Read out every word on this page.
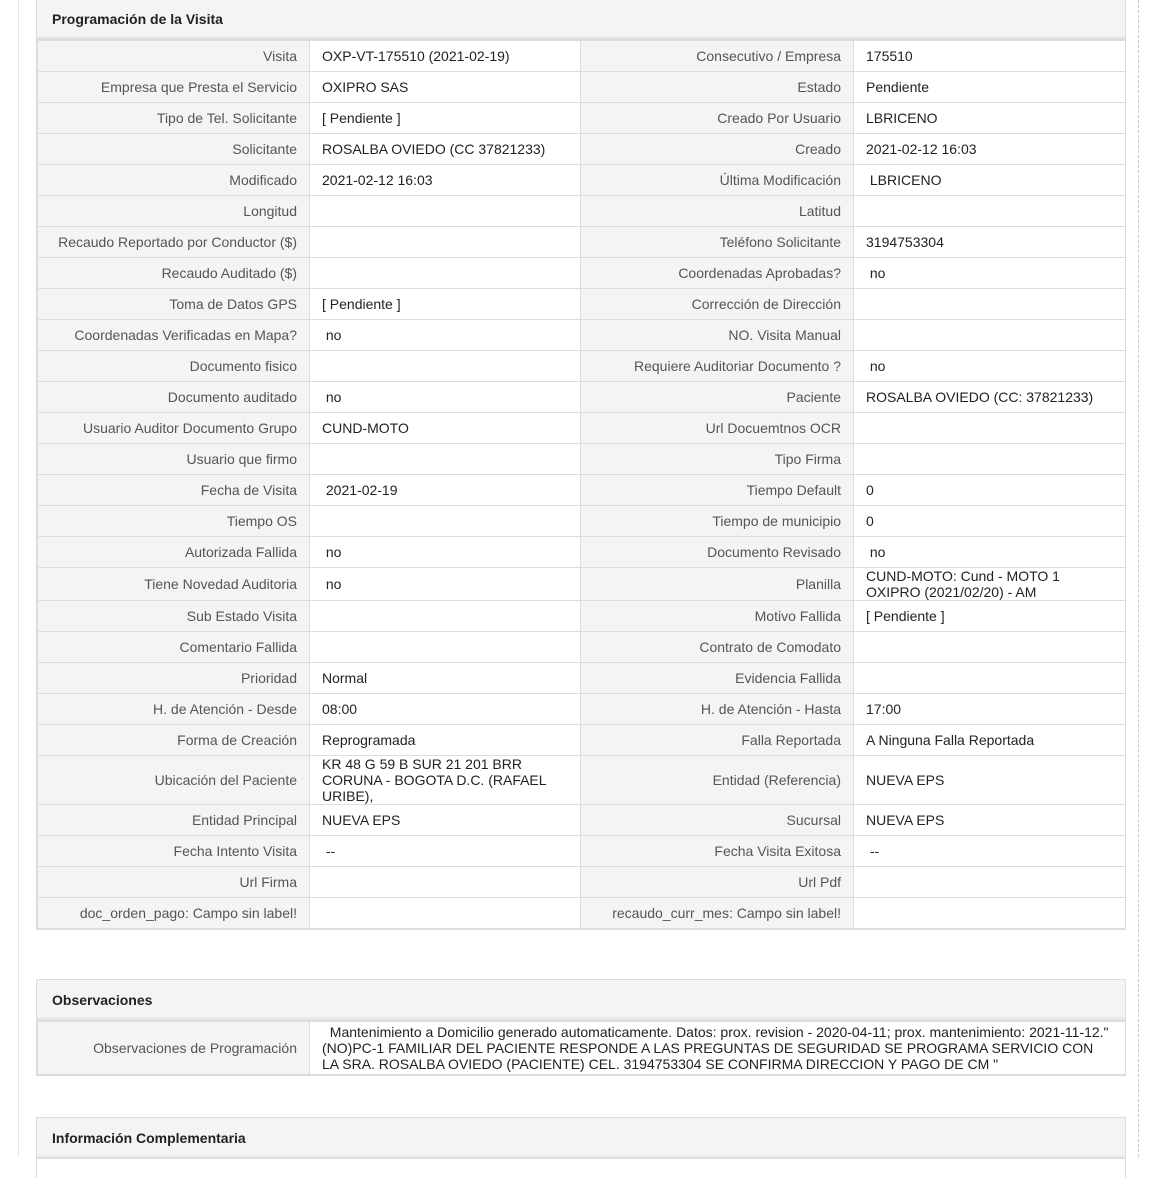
Programación de la Visita
Visita	OXP-VT-175510 (2021-02-19)	Consecutivo / Empresa	175510
Empresa que Presta el Servicio	OXIPRO SAS	Estado	Pendiente
Tipo de Tel. Solicitante	[ Pendiente ]	Creado Por Usuario	LBRICENO
Solicitante	ROSALBA OVIEDO (CC 37821233)	Creado	2021-02-12 16:03
Modificado	2021-02-12 16:03	Última Modificación	LBRICENO
Longitud		Latitud	
Recaudo Reportado por Conductor ($)		Teléfono Solicitante	3194753304
Recaudo Auditado ($)		Coordenadas Aprobadas?	no
Toma de Datos GPS	[ Pendiente ]	Corrección de Dirección	
Coordenadas Verificadas en Mapa?	no	NO. Visita Manual	
Documento fisico		Requiere Auditoriar Documento ?	no
Documento auditado	no	Paciente	ROSALBA OVIEDO (CC: 37821233)
Usuario Auditor Documento Grupo	CUND-MOTO	Url Docuemtnos OCR	
Usuario que firmo		Tipo Firma	
Fecha de Visita	2021-02-19	Tiempo Default	0
Tiempo OS		Tiempo de municipio	0
Autorizada Fallida	no	Documento Revisado	no
Tiene Novedad Auditoria	no	Planilla	CUND-MOTO: Cund - MOTO 1 OXIPRO (2021/02/20) - AM
Sub Estado Visita		Motivo Fallida	[ Pendiente ]
Comentario Fallida		Contrato de Comodato	
Prioridad	Normal	Evidencia Fallida	
H. de Atención - Desde	08:00	H. de Atención - Hasta	17:00
Forma de Creación	Reprogramada	Falla Reportada	A Ninguna Falla Reportada
Ubicación del Paciente	KR 48 G 59 B SUR 21 201 BRR CORUNA - BOGOTA D.C. (RAFAEL URIBE),	Entidad (Referencia)	NUEVA EPS
Entidad Principal	NUEVA EPS	Sucursal	NUEVA EPS
Fecha Intento Visita	--	Fecha Visita Exitosa	--
Url Firma		Url Pdf	
doc_orden_pago: Campo sin label!		recaudo_curr_mes: Campo sin label!	
Observaciones
Observaciones de Programación	Mantenimiento a Domicilio generado automaticamente. Datos: prox. revision - 2020-04-11; prox. mantenimiento: 2021-11-12."(NO)PC-1 FAMILIAR DEL PACIENTE RESPONDE A LAS PREGUNTAS DE SEGURIDAD SE PROGRAMA SERVICIO CON LA SRA. ROSALBA OVIEDO (PACIENTE) CEL. 3194753304 SE CONFIRMA DIRECCION Y PAGO DE CM "
Información Complementaria
